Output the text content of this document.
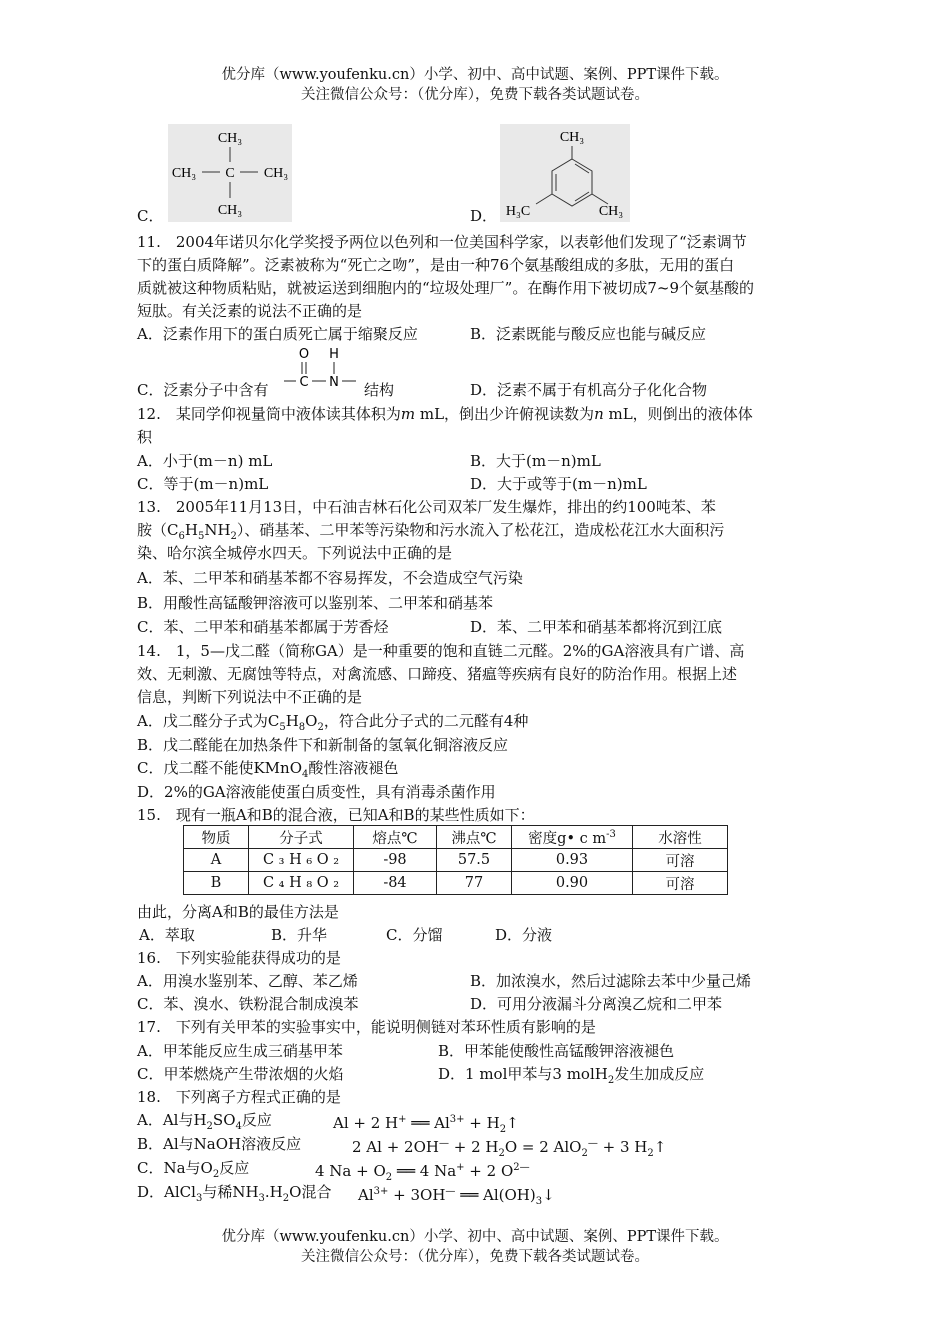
优分库（www.youfenku.cn）小学、初中、高中试题、案例、PPT课件下载。
关注微信公众号：（优分库），免费下载各类试题试卷。
C．
CH₃
CH₃ C CH₃
CH₃	D．
CH₃
H₃C	CH₃
11.　2004年诺贝尔化学奖授予两位以色列和一位美国科学家，以表彰他们发现了“泛素调节
下的蛋白质降解”。泛素被称为“死亡之吻”，是由一种76个氨基酸组成的多肽，无用的蛋白
质就被这种物质粘贴，就被运送到细胞内的“垃圾处理厂”。在酶作用下被切成7~9个氨基酸的
短肽。有关泛素的说法不正确的是
A．泛素作用下的蛋白质死亡属于缩聚反应	B．泛素既能与酸反应也能与碱反应
C．泛素分子中含有
O H
C N 结构	D．泛素不属于有机高分子化化合物
12.　某同学仰视量筒中液体读其体积为m mL，倒出少许俯视读数为n mL，则倒出的液体体
积
A．小于(m－n) mL	B．大于(m－n)mL
C．等于(m－n)mL	D．大于或等于(m－n)mL
13.　2005年11月13日，中石油吉林石化公司双苯厂发生爆炸，排出的约100吨苯、苯
胺$(C_6H_5NH_2)$、硝基苯、二甲苯等污染物和污水流入了松花江，造成松花江水大面积污
染、哈尔滨全城停水四天。下列说法中正确的是
A．苯、二甲苯和硝基苯都不容易挥发，不会造成空气污染
B．用酸性高锰酸钾溶液可以鉴别苯、二甲苯和硝基苯
C．苯、二甲苯和硝基苯都属于芳香烃	D．苯、二甲苯和硝基苯都将沉到江底
14.　1，5—戊二醛（简称GA）是一种重要的饱和直链二元醛。2%的GA溶液具有广谱、高
效、无刺激、无腐蚀等特点，对禽流感、口蹄疫、猪瘟等疾病有良好的防治作用。根据上述
信息，判断下列说法中不正确的是
A．戊二醛分子式为$C_5H_8O_2$，符合此分子式的二元醛有4种
B．戊二醛能在加热条件下和新制备的氢氧化铜溶液反应
C．戊二醛不能使KMnO$_4$酸性溶液褪色
D．2%的GA溶液能使蛋白质变性，具有消毒杀菌作用
15.　现有一瓶A和B的混合液，已知A和B的某些性质如下：
物质	分子式	熔点℃	沸点℃	密度g• c $m^{-3}$	水溶性
A	C ₃ H ₆ O ₂	-98	57.5	0.93	可溶
B	C ₄ H ₈ O ₂	-84	77	0.90	可溶
由此，分离A和B的最佳方法是
A．萃取	B．升华	C．分馏	D．分液
16.　下列实验能获得成功的是
A．用溴水鉴别苯、乙醇、苯乙烯	B．加浓溴水，然后过滤除去苯中少量己烯
C．苯、溴水、铁粉混合制成溴苯	D．可用分液漏斗分离溴乙烷和二甲苯
17.　下列有关甲苯的实验事实中，能说明侧链对苯环性质有影响的是
A．甲苯能反应生成三硝基甲苯	B．甲苯能使酸性高锰酸钾溶液褪色
C．甲苯燃烧产生带浓烟的火焰	D．1 mol甲苯与3 molH$_2$发生加成反应
18.　下列离子方程式正确的是
A．Al与$H_2SO_4$反应	Al + 2 H+ ══ $Al^{3+}$ + $H_2↑$
B．Al与NaOH溶液反应	2 Al + 2OH— + 2 $H_2O = 2$ AlO$_2$— + 3 $H_2↑$
C．Na与$O_2$反应	4 $Na + O_2$ ══ 4 Na+ + 2 $O^{2—}$
D．AlCl$_3$与稀$NH_3.H_2O$混合 $Al^{3+} + 3OH^—$ ══ $Al(OH)_3↓$
优分库（www.youfenku.cn）小学、初中、高中试题、案例、PPT课件下载。
关注微信公众号：（优分库），免费下载各类试题试卷。
